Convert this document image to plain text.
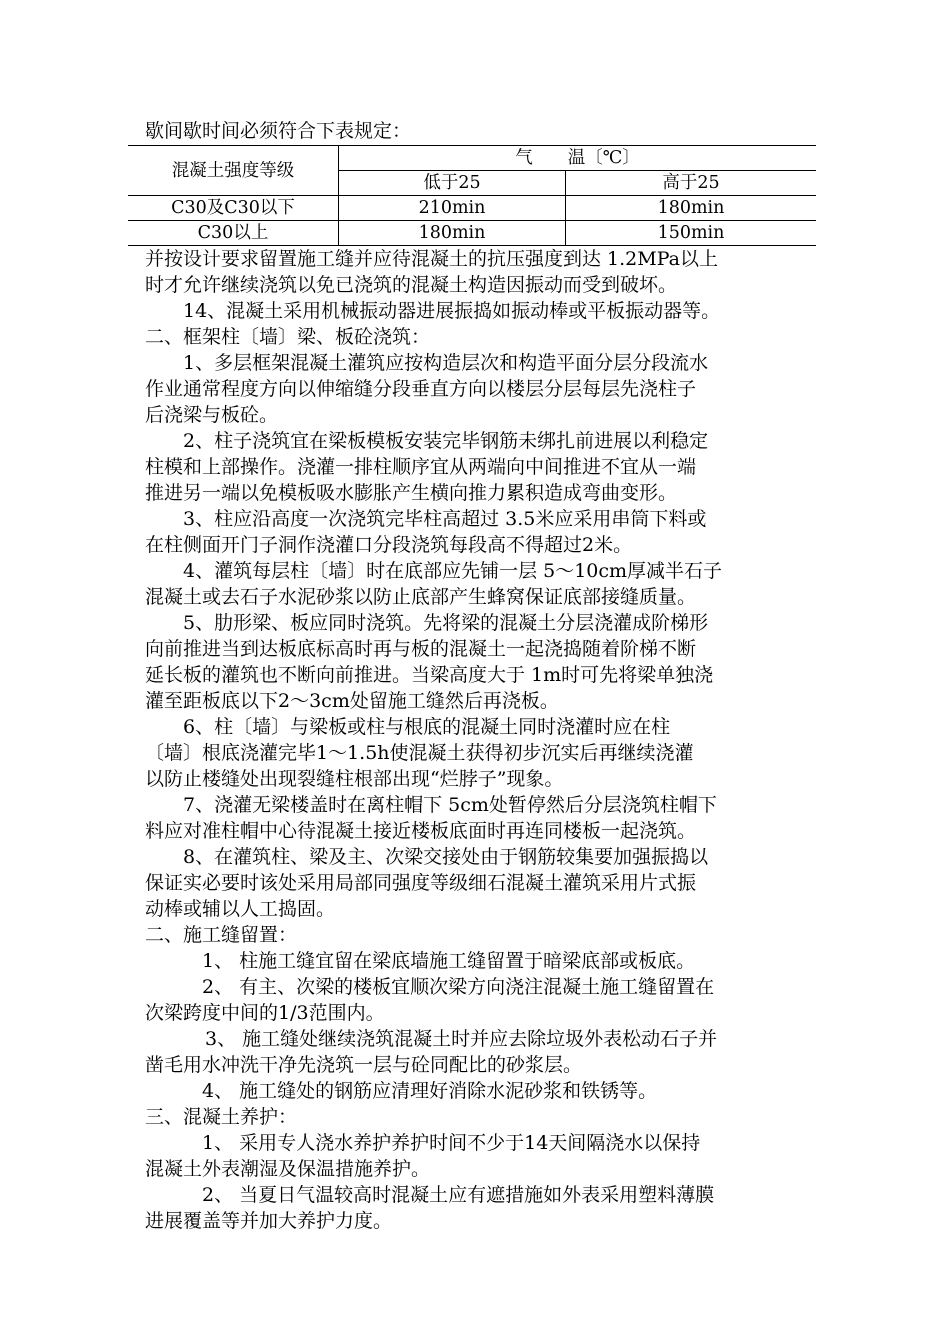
歇间歇时间必须符合下表规定：

混凝土强度等级	气　　温〔℃〕	
	低于25	高于25
C30及C30以下	210min	180min
C30以上	180min	150min

并按设计要求留置施工缝并应待混凝土的抗压强度到达 1.2MPa以上

时才允许继续浇筑以免已浇筑的混凝土构造因振动而受到破坏。

14、混凝土采用机械振动器进展振捣如振动棒或平板振动器等。

二、框架柱〔墙〕梁、板砼浇筑：

1、多层框架混凝土灌筑应按构造层次和构造平面分层分段流水

作业通常程度方向以伸缩缝分段垂直方向以楼层分层每层先浇柱子

后浇梁与板砼。

2、柱子浇筑宜在梁板模板安装完毕钢筋未绑扎前进展以利稳定

柱模和上部操作。浇灌一排柱顺序宜从两端向中间推进不宜从一端

推进另一端以免模板吸水膨胀产生横向推力累积造成弯曲变形。

3、柱应沿高度一次浇筑完毕柱高超过 3.5米应采用串筒下料或

在柱侧面开门子洞作浇灌口分段浇筑每段高不得超过2米。

4、灌筑每层柱〔墙〕时在底部应先铺一层 5～10cm厚减半石子

混凝土或去石子水泥砂浆以防止底部产生蜂窝保证底部接缝质量。

5、肋形梁、板应同时浇筑。先将梁的混凝土分层浇灌成阶梯形

向前推进当到达板底标高时再与板的混凝土一起浇捣随着阶梯不断

延长板的灌筑也不断向前推进。当梁高度大于 1m时可先将梁单独浇

灌至距板底以下2～3cm处留施工缝然后再浇板。

6、柱〔墙〕与梁板或柱与根底的混凝土同时浇灌时应在柱

〔墙〕根底浇灌完毕1～1.5h使混凝土获得初步沉实后再继续浇灌

以防止楼缝处出现裂缝柱根部出现“烂脖子”现象。

7、浇灌无梁楼盖时在离柱帽下 5cm处暂停然后分层浇筑柱帽下

料应对准柱帽中心待混凝土接近楼板底面时再连同楼板一起浇筑。

8、在灌筑柱、梁及主、次梁交接处由于钢筋较集要加强振捣以

保证实必要时该处采用局部同强度等级细石混凝土灌筑采用片式振

动棒或辅以人工捣固。

二、施工缝留置：

1、 柱施工缝宜留在梁底墙施工缝留置于暗梁底部或板底。

2、 有主、次梁的楼板宜顺次梁方向浇注混凝土施工缝留置在

次梁跨度中间的1/3范围内。

3、 施工缝处继续浇筑混凝土时并应去除垃圾外表松动石子并

凿毛用水冲洗干净先浇筑一层与砼同配比的砂浆层。

4、 施工缝处的钢筋应清理好消除水泥砂浆和铁锈等。

三、混凝土养护：

1、 采用专人浇水养护养护时间不少于14天间隔浇水以保持

混凝土外表潮湿及保温措施养护。

2、 当夏日气温较高时混凝土应有遮措施如外表采用塑料薄膜

进展覆盖等并加大养护力度。
